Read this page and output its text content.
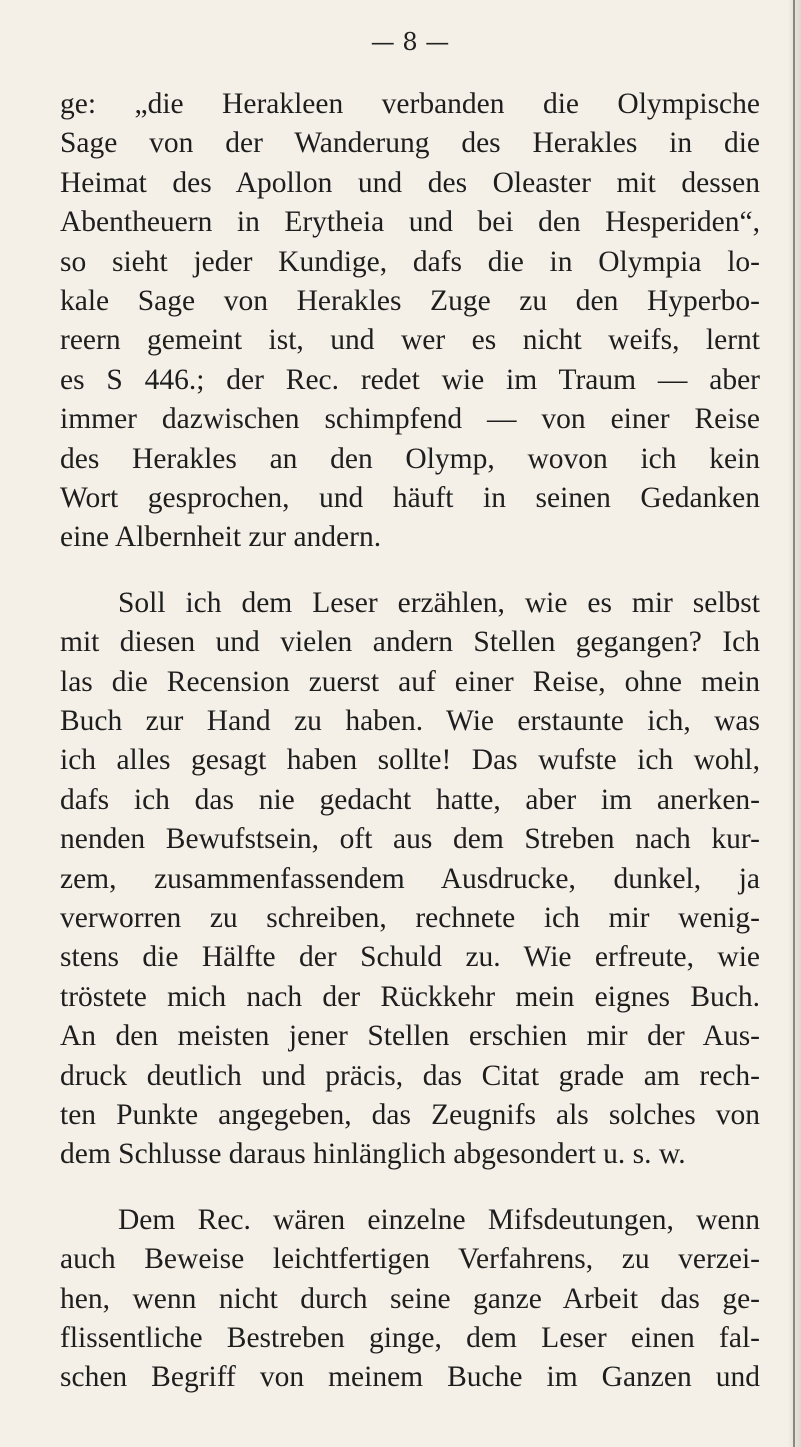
— 8 —
ge: „die Herakleen verbanden die Olympische
Sage von der Wanderung des Herakles in die
Heimat des Apollon und des Oleaster mit dessen
Abentheuern in Erytheia und bei den Hesperiden“,
so sieht jeder Kundige, dafs die in Olympia lo-
kale Sage von Herakles Zuge zu den Hyperbo-
reern gemeint ist, und wer es nicht weifs, lernt
es S 446.; der Rec. redet wie im Traum — aber
immer dazwischen schimpfend — von einer Reise
des Herakles an den Olymp, wovon ich kein
Wort gesprochen, und häuft in seinen Gedanken
eine Albernheit zur andern.
Soll ich dem Leser erzählen, wie es mir selbst
mit diesen und vielen andern Stellen gegangen? Ich
las die Recension zuerst auf einer Reise, ohne mein
Buch zur Hand zu haben. Wie erstaunte ich, was
ich alles gesagt haben sollte! Das wufste ich wohl,
dafs ich das nie gedacht hatte, aber im anerken-
nenden Bewufstsein, oft aus dem Streben nach kur-
zem, zusammenfassendem Ausdrucke, dunkel, ja
verworren zu schreiben, rechnete ich mir wenig-
stens die Hälfte der Schuld zu. Wie erfreute, wie
tröstete mich nach der Rückkehr mein eignes Buch.
An den meisten jener Stellen erschien mir der Aus-
druck deutlich und präcis, das Citat grade am rech-
ten Punkte angegeben, das Zeugnifs als solches von
dem Schlusse daraus hinlänglich abgesondert u. s. w.
Dem Rec. wären einzelne Mifsdeutungen, wenn
auch Beweise leichtfertigen Verfahrens, zu verzei-
hen, wenn nicht durch seine ganze Arbeit das ge-
flissentliche Bestreben ginge, dem Leser einen fal-
schen Begriff von meinem Buche im Ganzen und
